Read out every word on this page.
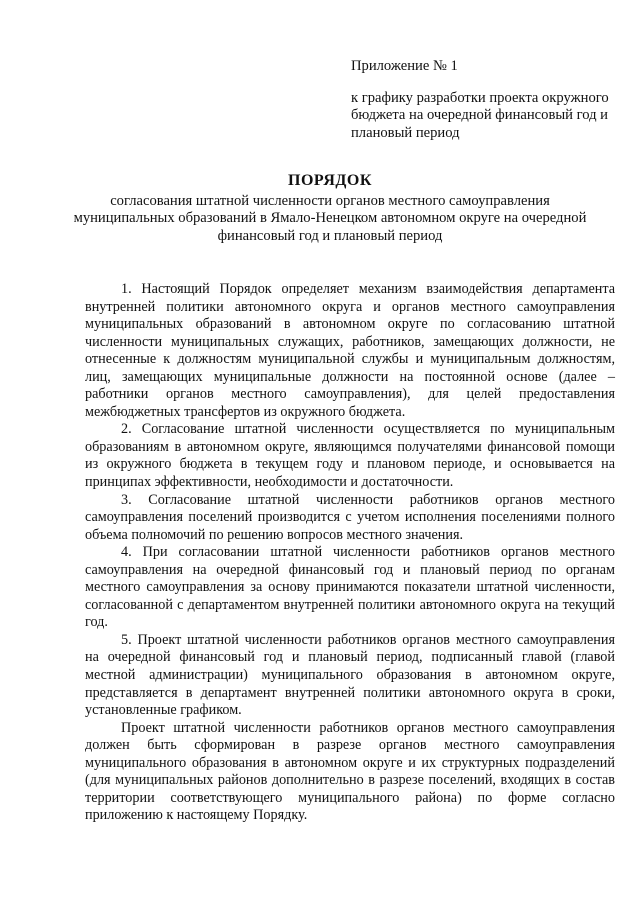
Приложение № 1

к графику разработки проекта окружного бюджета на очередной финансовый год и плановый период

ПОРЯДОК

согласования штатной численности органов местного самоуправления муниципальных образований в Ямало-Ненецком автономном округе на очередной финансовый год и плановый период

1. Настоящий Порядок определяет механизм взаимодействия департамента внутренней политики автономного округа и органов местного самоуправления муниципальных образований в автономном округе по согласованию штатной численности муниципальных служащих, работников, замещающих должности, не отнесенные к должностям муниципальной службы и муниципальным должностям, лиц, замещающих муниципальные должности на постоянной основе (далее – работники органов местного самоуправления), для целей предоставления межбюджетных трансфертов из окружного бюджета.

2. Согласование штатной численности осуществляется по муниципальным образованиям в автономном округе, являющимся получателями финансовой помощи из окружного бюджета в текущем году и плановом периоде, и основывается на принципах эффективности, необходимости и достаточности.

3. Согласование штатной численности работников органов местного самоуправления поселений производится с учетом исполнения поселениями полного объема полномочий по решению вопросов местного значения.

4. При согласовании штатной численности работников органов местного самоуправления на очередной финансовый год и плановый период по органам местного самоуправления за основу принимаются показатели штатной численности, согласованной с департаментом внутренней политики автономного округа на текущий год.

5. Проект штатной численности работников органов местного самоуправления на очередной финансовый год и плановый период, подписанный главой (главой местной администрации) муниципального образования в автономном округе, представляется в департамент внутренней политики автономного округа в сроки, установленные графиком.

Проект штатной численности работников органов местного самоуправления должен быть сформирован в разрезе органов местного самоуправления муниципального образования в автономном округе и их структурных подразделений (для муниципальных районов дополнительно в разрезе поселений, входящих в состав территории соответствующего муниципального района) по форме согласно приложению к настоящему Порядку.
